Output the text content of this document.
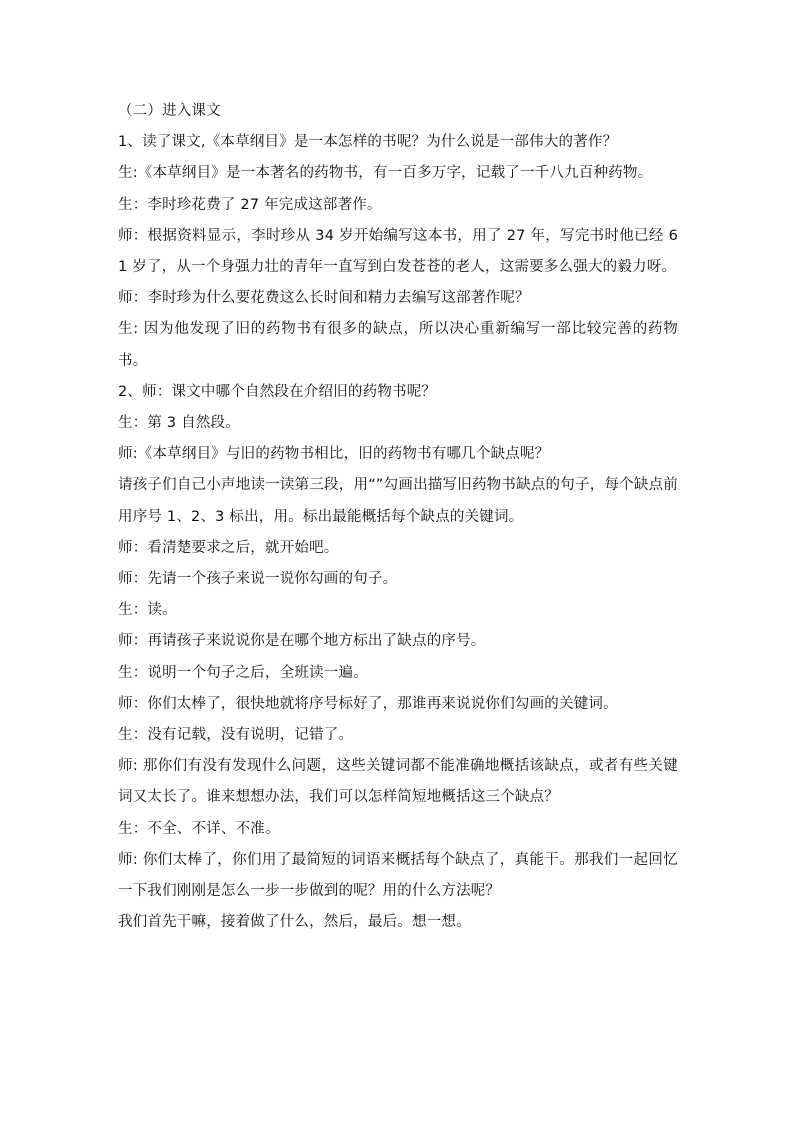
（二）进入课文

1、读了课文,《本草纲目》是一本怎样的书呢？为什么说是一部伟大的著作？

生:《本草纲目》是一本著名的药物书，有一百多万字，记载了一千八九百种药物。

生：李时珍花费了 27 年完成这部著作。

师：根据资料显示，李时珍从 34 岁开始编写这本书，用了 27 年，写完书时他已经 61 岁了，从一个身强力壮的青年一直写到白发苍苍的老人，这需要多么强大的毅力呀。

师：李时珍为什么要花费这么长时间和精力去编写这部著作呢？

生: 因为他发现了旧的药物书有很多的缺点，所以决心重新编写一部比较完善的药物书。

2、师：课文中哪个自然段在介绍旧的药物书呢？

生：第 3 自然段。

师:《本草纲目》与旧的药物书相比，旧的药物书有哪几个缺点呢？

请孩子们自己小声地读一读第三段，用“”勾画出描写旧药物书缺点的句子，每个缺点前用序号 1、2、3 标出，用。标出最能概括每个缺点的关键词。

师：看清楚要求之后，就开始吧。

师：先请一个孩子来说一说你勾画的句子。

生：读。

师：再请孩子来说说你是在哪个地方标出了缺点的序号。

生：说明一个句子之后，全班读一遍。

师：你们太棒了，很快地就将序号标好了，那谁再来说说你们勾画的关键词。

生：没有记载，没有说明，记错了。

师: 那你们有没有发现什么问题，这些关键词都不能准确地概括该缺点，或者有些关键词又太长了。谁来想想办法，我们可以怎样简短地概括这三个缺点？

生：不全、不详、不准。

师: 你们太棒了，你们用了最简短的词语来概括每个缺点了，真能干。那我们一起回忆一下我们刚刚是怎么一步一步做到的呢？用的什么方法呢？

我们首先干嘛，接着做了什么，然后，最后。想一想。
